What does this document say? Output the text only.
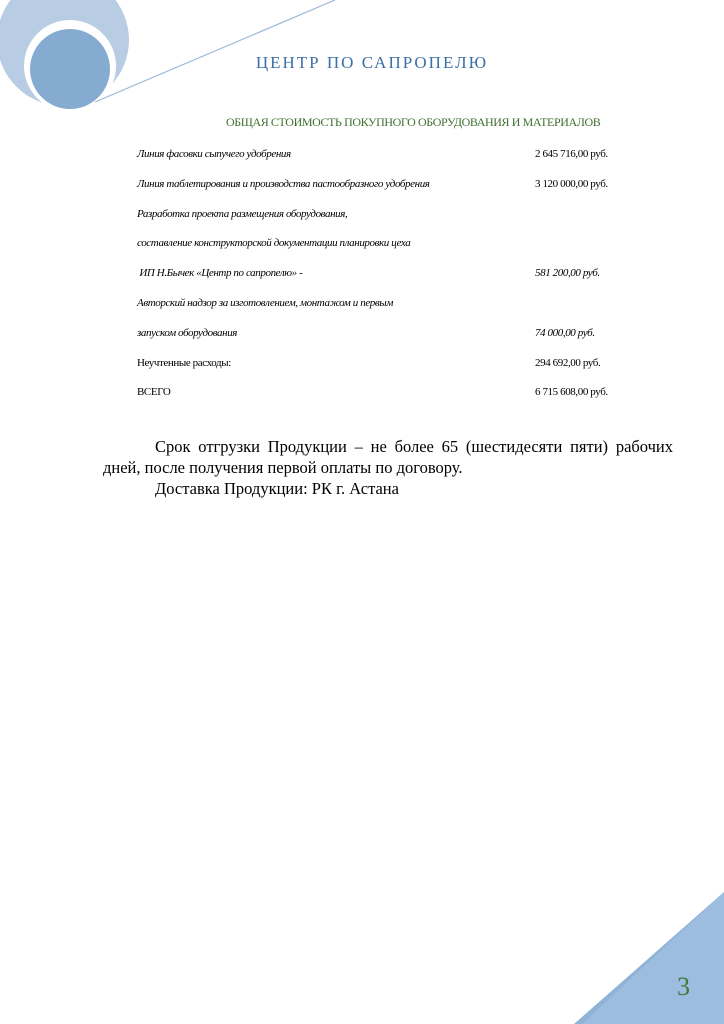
ЦЕНТР ПО САПРОПЕЛЮ
ОБЩАЯ СТОИМОСТЬ ПОКУПНОГО ОБОРУДОВАНИЯ И МАТЕРИАЛОВ
Линия фасовки сыпучего удобрения	2 645 716,00 руб.
Линия таблетирования и производства пастообразного удобрения	3 120 000,00 руб.
Разработка проекта размещения оборудования,
составление конструкторской документации планировки цеха
ИП Н.Бычек «Центр по сапропелю» -	581 200,00 руб.
Авторский надзор за изготовлением, монтажом и первым
запуском оборудования	74 000,00 руб.
Неучтенные расходы:	294 692,00 руб.
ВСЕГО	6 715 608,00 руб.

Срок отгрузки Продукции – не более 65 (шестидесяти пяти) рабочих дней, после получения первой оплаты по договору.

Доставка Продукции: РК г. Астана

3
